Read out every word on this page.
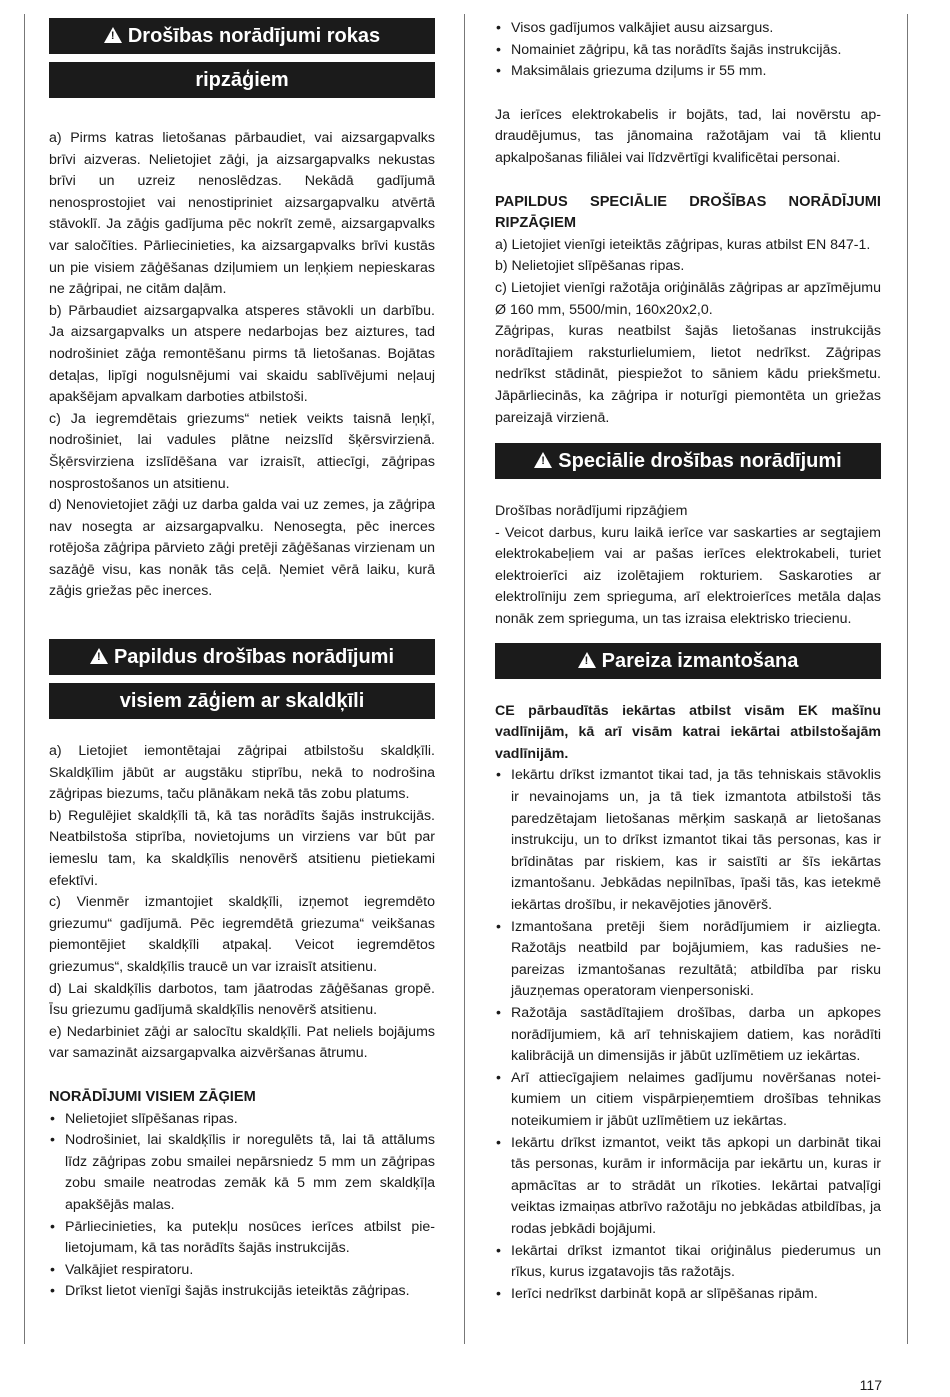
!Drošības norādījumi rokas
ripzāģiem

a) Pirms katras lietošanas pārbaudiet, vai aizsargapvalks brīvi aizveras. Nelietojiet zāģi, ja aizsargapvalks nekustas brīvi un uzreiz nenoslēdzas. Nekādā gadījumā nenosprostojiet vai nenostipriniet aizsargapvalku atvērtā stāvoklī. Ja zāģis gadījuma pēc nokrīt zemē, aizsargapvalks var saločīties. Pārliecinieties, ka aizsargapvalks brīvi kustās un pie visiem zāģēšanas dziļumiem un leņķiem nepieskaras ne zāģripai, ne citām daļām.

b) Pārbaudiet aizsargapvalka atsperes stāvokli un darbību. Ja aizsargapvalks un atspere nedarbojas bez aiztures, tad nodrošiniet zāģa remontēšanu pirms tā lietošanas. Bojātas detaļas, lipīgi nogulsnējumi vai skaidu sablīvējumi neļauj apakšējam apvalkam darboties atbilstoši.

c) Ja iegremdētais griezums“ netiek veikts taisnā leņķī, nodrošiniet, lai vadules plātne neizslīd šķērsvirzienā. Šķērsvirziena izslīdēšana var izraisīt, attiecīgi, zāģripas nosprostošanos un atsitienu.

d) Nenovietojiet zāģi uz darba galda vai uz zemes, ja zāģripa nav nosegta ar aizsargapvalku. Nenosegta, pēc inerces rotējoša zāģripa pārvieto zāģi pretēji zāģēšanas virzienam un sazāģē visu, kas nonāk tās ceļā. Ņemiet vērā laiku, kurā zāģis griežas pēc inerces.

!Papildus drošības norādījumi
visiem zāģiem ar skaldķīli

a) Lietojiet iemontētajai zāģripai atbilstošu skaldķīli. Skaldķīlim jābūt ar augstāku stiprību, nekā to nodrošina zāģripas biezums, taču plānākam nekā tās zobu platums.

b) Regulējiet skaldķīli tā, kā tas norādīts šajās instrukcijās. Neatbilstoša stiprība, novietojums un virziens var būt par iemeslu tam, ka skaldķīlis nenovērš atsitienu pietiekami efektīvi.

c) Vienmēr izmantojiet skaldķīli, izņemot iegremdēto griezumu“ gadījumā. Pēc iegremdētā griezuma“ veikšanas piemontējiet skaldķīli atpakaļ. Veicot iegremdētos griezumus“, skaldķīlis traucē un var izraisīt atsitienu.

d) Lai skaldķīlis darbotos, tam jāatrodas zāģēšanas gropē. Īsu griezumu gadījumā skaldķīlis nenovērš atsitienu.

e) Nedarbiniet zāģi ar salocītu skaldķīli. Pat neliels bojājums var samazināt aizsargapvalka aizvēršanas ātrumu.

NORĀDĪJUMI VISIEM ZĀĢIEM

• Nelietojiet slīpēšanas ripas.
• Nodrošiniet, lai skaldķīlis ir noregulēts tā, lai tā attālums līdz zāģripas zobu smailei nepārsniedz 5 mm un zāģripas zobu smaile neatrodas zemāk kā 5 mm zem skaldķīļa apakšējās malas.
• Pārliecinieties, ka putekļu nosūces ierīces atbilst pielietojumam, kā tas norādīts šajās instrukcijās.
• Valkājiet respiratoru.
• Drīkst lietot vienīgi šajās instrukcijās ieteiktās zāģripas.
• Visos gadījumos valkājiet ausu aizsargus.
• Nomainiet zāģripu, kā tas norādīts šajās instrukcijās.
• Maksimālais griezuma dziļums ir 55 mm.

Ja ierīces elektrokabelis ir bojāts, tad, lai novērstu apdraudējumus, tas jānomaina ražotājam vai tā klientu apkalpošanas filiālei vai līdzvērtīgi kvalificētai personai.

PAPILDUS SPECIĀLIE DROŠĪBAS NORĀDĪJUMI RIPZĀĢIEM

a) Lietojiet vienīgi ieteiktās zāģripas, kuras atbilst EN 847-1.

b) Nelietojiet slīpēšanas ripas.

c) Lietojiet vienīgi ražotāja oriģinālās zāģripas ar apzīmējumu Ø 160 mm, 5500/min, 160x20x2,0.

Zāģripas, kuras neatbilst šajās lietošanas instrukcijās norādītajiem raksturlielumiem, lietot nedrīkst. Zāģripas nedrīkst stādināt, piespiežot to sāniem kādu priekšmetu. Jāpārliecinās, ka zāģripa ir noturīgi piemontēta un griežas pareizajā virzienā.

!Speciālie drošības norādījumi

Drošības norādījumi ripzāģiem

- Veicot darbus, kuru laikā ierīce var saskarties ar segtajiem elektrokabeļiem vai ar pašas ierīces elektrokabeli, turiet elektroierīci aiz izolētajiem rokturiem. Saskaroties ar elektrolīniju zem sprieguma, arī elektroierīces metāla daļas nonāk zem sprieguma, un tas izraisa elektrisko triecienu.

!Pareiza izmantošana

CE pārbaudītās iekārtas atbilst visām EK mašīnu vadlīnijām, kā arī visām katrai iekārtai atbilstošajām vadlīnijām.

• Iekārtu drīkst izmantot tikai tad, ja tās tehniskais stāvoklis ir nevainojams un, ja tā tiek izmantota atbilstoši tās paredzētajam lietošanas mērķim saskaņā ar lietošanas instrukciju, un to drīkst izmantot tikai tās personas, kas ir brīdinātas par riskiem, kas ir saistīti ar šīs iekārtas izmantošanu. Jebkādas nepilnības, īpaši tās, kas ietekmē iekārtas drošību, ir nekavējoties jānovērš.
• Izmantošana pretēji šiem norādījumiem ir aizliegta. Ražotājs neatbild par bojājumiem, kas radušies nepareizas izmantošanas rezultātā; atbildība par risku jāuzņemas operatoram vienpersoniski.
• Ražotāja sastādītajiem drošības, darba un apkopes norādījumiem, kā arī tehniskajiem datiem, kas norādīti kalibrācijā un dimensijās ir jābūt uzlīmētiem uz iekārtas.
• Arī attiecīgajiem nelaimes gadījumu novēršanas noteikumiem un citiem vispārpieņemtiem drošības tehnikas noteikumiem ir jābūt uzlīmētiem uz iekārtas.
• Iekārtu drīkst izmantot, veikt tās apkopi un darbināt tikai tās personas, kurām ir informācija par iekārtu un, kuras ir apmācītas ar to strādāt un rīkoties. Iekārtai patvaļīgi veiktas izmaiņas atbrīvo ražotāju no jebkādas atbildības, ja rodas jebkādi bojājumi.
• Iekārtai drīkst izmantot tikai oriģinālus piederumus un rīkus, kurus izgatavojis tās ražotājs.
• Ierīci nedrīkst darbināt kopā ar slīpēšanas ripām.
117
